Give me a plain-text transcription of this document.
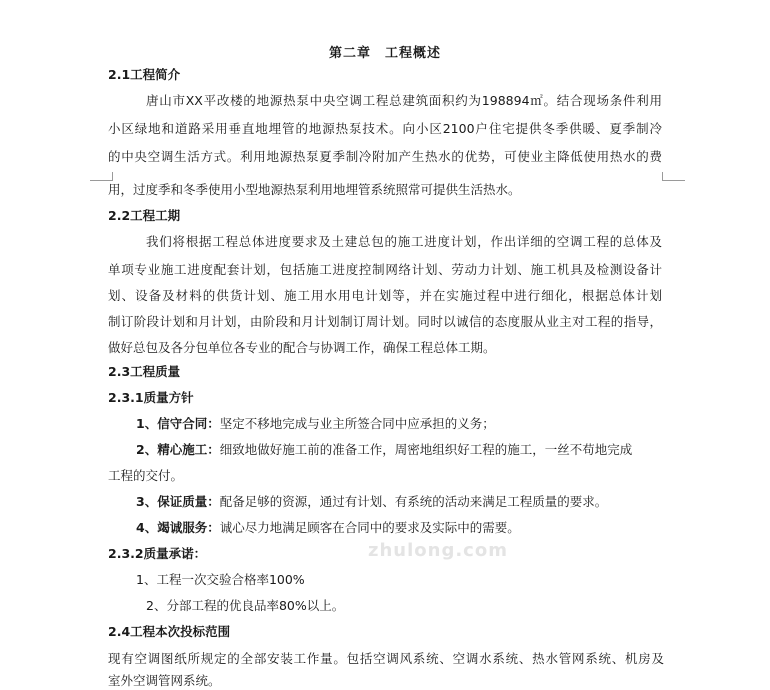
第二章　工程概述
2.1工程简介
唐山市XX平改楼的地源热泵中央空调工程总建筑面积约为198894㎡。结合现场条件利用
小区绿地和道路采用垂直地埋管的地源热泵技术。向小区2100户住宅提供冬季供暖、夏季制冷
的中央空调生活方式。利用地源热泵夏季制冷附加产生热水的优势，可使业主降低使用热水的费
用，过度季和冬季使用小型地源热泵利用地埋管系统照常可提供生活热水。
2.2工程工期
我们将根据工程总体进度要求及土建总包的施工进度计划，作出详细的空调工程的总体及
单项专业施工进度配套计划，包括施工进度控制网络计划、劳动力计划、施工机具及检测设备计
划、设备及材料的供货计划、施工用水用电计划等，并在实施过程中进行细化，根据总体计划
制订阶段计划和月计划，由阶段和月计划制订周计划。同时以诚信的态度服从业主对工程的指导，
做好总包及各分包单位各专业的配合与协调工作，确保工程总体工期。
2.3工程质量
2.3.1质量方针
1、信守合同：坚定不移地完成与业主所签合同中应承担的义务；
2、精心施工：细致地做好施工前的准备工作，周密地组织好工程的施工，一丝不苟地完成
工程的交付。
3、保证质量：配备足够的资源，通过有计划、有系统的活动来满足工程质量的要求。
4、竭诚服务：诚心尽力地满足顾客在合同中的要求及实际中的需要。
zhulong.com
2.3.2质量承诺：
1、工程一次交验合格率100%
2、分部工程的优良品率80%以上。
2.4工程本次投标范围
现有空调图纸所规定的全部安装工作量。包括空调风系统、空调水系统、热水管网系统、机房及
室外空调管网系统。
